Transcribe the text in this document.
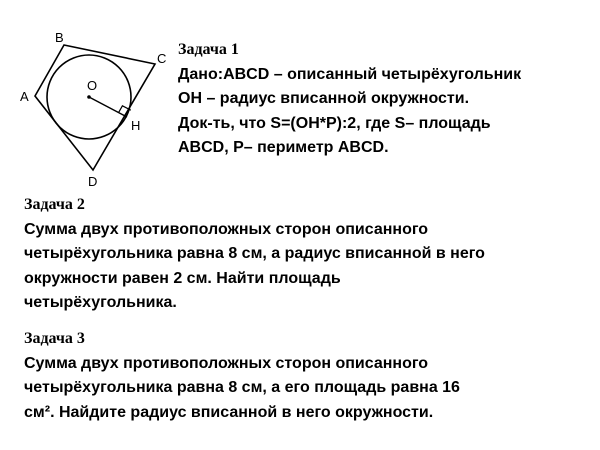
A
B
C
D
O
H
Задача 1
Дано:ABCD – описанный четырёхугольник
OH – радиус вписанной окружности.
Док-ть, что S=(OH*P):2, где S– площадь
ABCD, P– периметр ABCD.
Задача 2
Сумма двух противоположных сторон описанного
четырёхугольника равна 8 см, а радиус вписанной в него
окружности равен 2 см. Найти площадь
четырёхугольника.
Задача 3
Сумма двух противоположных сторон описанного
четырёхугольника равна 8 см, а его площадь равна 16
см². Найдите радиус вписанной в него окружности.
